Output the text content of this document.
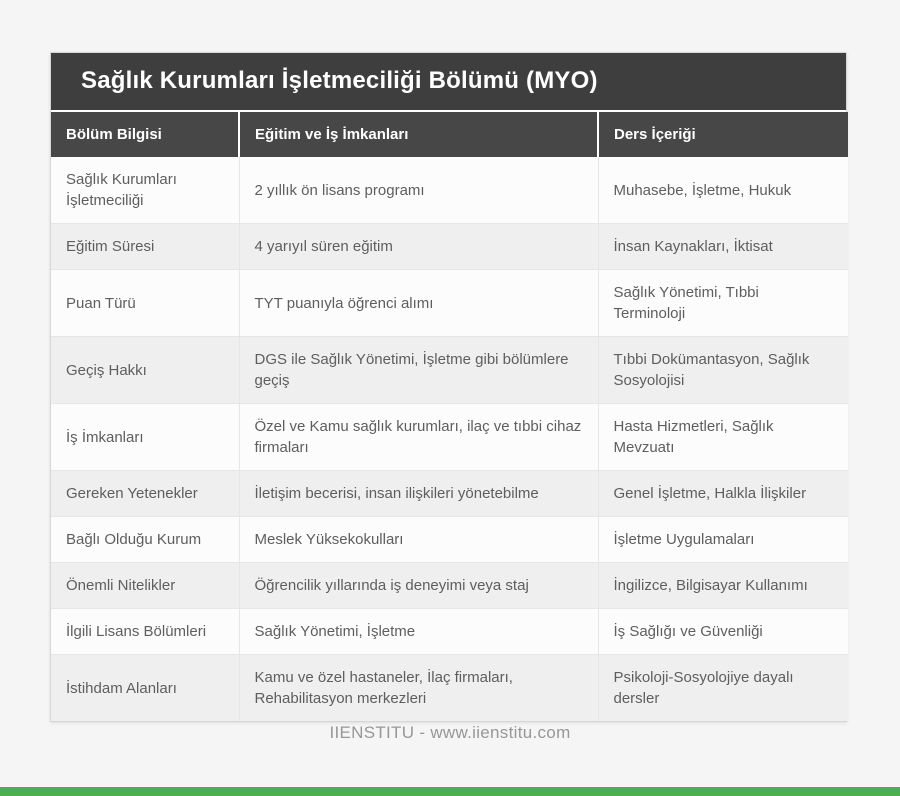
Sağlık Kurumları İşletmeciliği Bölümü (MYO)
Bölüm Bilgisi	Eğitim ve İş İmkanları	Ders İçeriği
Sağlık Kurumları İşletmeciliği	2 yıllık ön lisans programı	Muhasebe, İşletme, Hukuk
Eğitim Süresi	4 yarıyıl süren eğitim	İnsan Kaynakları, İktisat
Puan Türü	TYT puanıyla öğrenci alımı	Sağlık Yönetimi, Tıbbi Terminoloji
Geçiş Hakkı	DGS ile Sağlık Yönetimi, İşletme gibi bölümlere geçiş	Tıbbi Dokümantasyon, Sağlık Sosyolojisi
İş İmkanları	Özel ve Kamu sağlık kurumları, ilaç ve tıbbi cihaz firmaları	Hasta Hizmetleri, Sağlık Mevzuatı
Gereken Yetenekler	İletişim becerisi, insan ilişkileri yönetebilme	Genel İşletme, Halkla İlişkiler
Bağlı Olduğu Kurum	Meslek Yüksekokulları	İşletme Uygulamaları
Önemli Nitelikler	Öğrencilik yıllarında iş deneyimi veya staj	İngilizce, Bilgisayar Kullanımı
İlgili Lisans Bölümleri	Sağlık Yönetimi, İşletme	İş Sağlığı ve Güvenliği
İstihdam Alanları	Kamu ve özel hastaneler, İlaç firmaları, Rehabilitasyon merkezleri	Psikoloji-Sosyolojiye dayalı dersler
IIENSTITU - www.iienstitu.com
